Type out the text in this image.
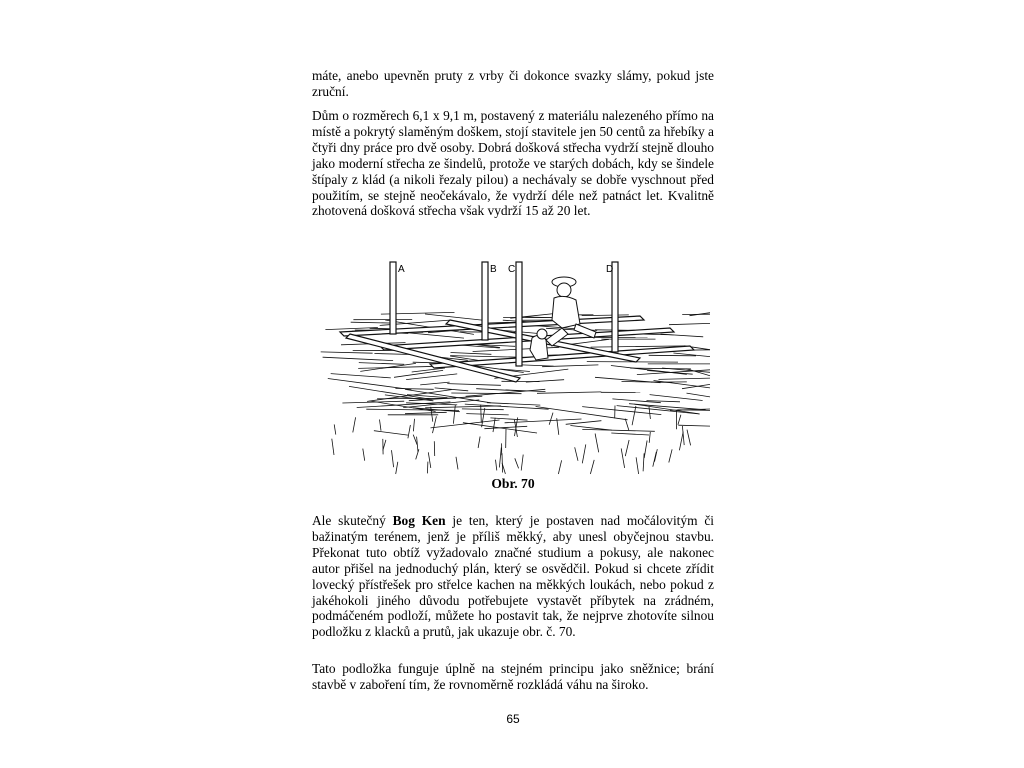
máte, anebo upevněn pruty z vrby či dokonce svazky slámy, pokud jste zruční.

Dům o rozměrech 6,1 x 9,1 m, postavený z materiálu nalezeného přímo na místě a pokrytý slaměným doškem, stojí stavitele jen 50 centů za hřebíky a čtyři dny práce pro dvě osoby. Dobrá došková střecha vydrží stejně dlouho jako moderní střecha ze šindelů, protože ve starých dobách, kdy se šindele štípaly z klád (a nikoli řezaly pilou) a nechávaly se dobře vyschnout před použitím, se stejně neočekávalo, že vydrží déle než patnáct let. Kvalitně zhotovená došková střecha však vydrží 15 až 20 let.

A	B C	D
Obr. 70

Ale skutečný Bog Ken je ten, který je postaven nad močálovitým či bažinatým terénem, jenž je příliš měkký, aby unesl obyčejnou stavbu. Překonat tuto obtíž vyžadovalo značné studium a pokusy, ale nakonec autor přišel na jednoduchý plán, který se osvědčil. Pokud si chcete zřídit lovecký přístřešek pro střelce kachen na měkkých loukách, nebo pokud z jakéhokoli jiného důvodu potřebujete vystavět příbytek na zrádném, podmáčeném podloží, můžete ho postavit tak, že nejprve zhotovíte silnou podložku z klacků a prutů, jak ukazuje obr. č. 70.

Tato podložka funguje úplně na stejném principu jako sněžnice; brání stavbě v zaboření tím, že rovnoměrně rozkládá váhu na široko.

65
